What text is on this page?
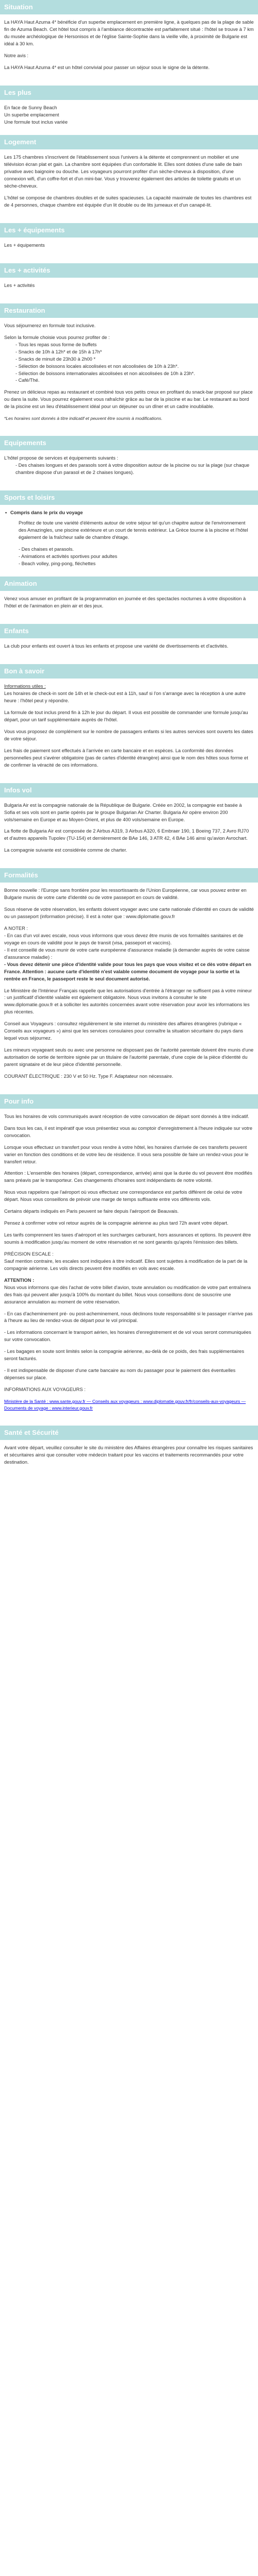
Situation

La HAYA Haut Azuma 4* bénéficie d'un superbe emplacement en première ligne, à quelques pas de la plage de sable fin de Azuma Beach. Cet hôtel tout compris à l'ambiance décontractée est parfaitement situé : l'hôtel se trouve à 7 km du musée archéologique de Hersonisos et de l'église Sainte-Sophie dans la vieille ville, à proximité de Bulgarie est idéal à 30 km.

Notre avis :

La HAYA Haut Azuma 4* est un hôtel convivial pour passer un séjour sous le signe de la détente.

Les plus
En face de Sunny Beach
Un superbe emplacement
Une formule tout inclus variée
Logement

Les 175 chambres s'inscrivent de l'établissement sous l'univers à la détente et comprennent un mobilier et une télévision écran plat et gain. La chambre sont équipées d'un confortable lit. Elles sont dotées d'une salle de bain privative avec baignoire ou douche. Les voyageurs pourront profiter d'un sèche-cheveux à disposition, d'une connexion wifi, d'un coffre-fort et d'un mini-bar. Vous y trouverez également des articles de toilette gratuits et un sèche-cheveux.

L'hôtel se compose de chambres doubles et de suites spacieuses. La capacité maximale de toutes les chambres est de 4 personnes, chaque chambre est équipée d'un lit double ou de lits jumeaux et d'un canapé-lit.

Les + équipements

Les + équipements

Les + activités

Les + activités

Restauration

Vous séjournerez en formule tout inclusive.

Selon la formule choisie vous pourrez profiter de :
- Tous les repas sous forme de buffets
- Snacks de 10h à 12h* et de 15h à 17h*
- Snacks de minuit de 23h30 à 2h00 *
- Sélection de boissons locales alcoolisées et non alcoolisées de 10h à 23h*.
- Sélection de boissons internationales alcoolisées et non alcoolisées de 10h à 23h*.

- Café/Thé.

Prenez un délicieux repas au restaurant et combiné tous vos petits creux en profitant du snack-bar proposé sur place ou dans la suite. Vous pourrez également vous rafraîchir grâce au bar de la piscine et au bar. Le restaurant au bord de la piscine est un lieu d'établissement idéal pour un déjeuner ou un dîner et un cadre inoubliable.

*Les horaires sont donnés à titre indicatif et peuvent être soumis à modifications.

Equipements
L'hôtel propose de services et équipements suivants :

- Des chaises longues et des parasols sont à votre disposition autour de la piscine ou sur la plage (sur chaque chambre dispose d'un parasol et de 2 chaises longues).

Sports et loisirs
• Compris dans le prix du voyage

Profitez de toute une variété d'éléments autour de votre séjour tel qu'un chapitre autour de l'environnement des Amazingles, une piscine extérieure et un court de tennis extérieur. La Grèce tourne à la piscine et l'hôtel également de la fraîcheur salle de chambre d'étage.

- Des chaises et parasols.
- Animations et activités sportives pour adultes
- Beach volley, ping-pong, fléchettes
Animation

Venez vous amuser en profitant de la programmation en journée et des spectacles nocturnes à votre disposition à l'hôtel et de l'animation en plein air et des jeux.

Enfants

La club pour enfants est ouvert à tous les enfants et propose une variété de divertissements et d'activités.

Bon à savoir
Informations utiles :

Les horaires de check-in sont de 14h et le check-out est à 11h, sauf si l'on s'arrange avec la réception à une autre heure : l'hôtel peut y répondre.

La formule de tout inclus prend fin à 12h le jour du départ. Il vous est possible de commander une formule jusqu'au départ, pour un tarif supplémentaire auprès de l'hôtel.

Vous vous proposez de complément sur le nombre de passagers enfants si les autres services sont ouverts les dates de votre séjour.

Les frais de paiement sont effectués à l'arrivée en carte bancaire et en espèces. La conformité des données personnelles peut s'avérer obligatoire (pas de cartes d'identité étrangère) ainsi que le nom des hôtes sous forme et de confirmer la véracité de ces informations.

Infos vol

Bulgaria Air est la compagnie nationale de la République de Bulgarie. Créée en 2002, la compagnie est basée à Sofia et ses vols sont en partie opérés par le groupe Bulgarian Air Charter. Bulgaria Air opère environ 200 vols/semaine en Europe et au Moyen-Orient, et plus de 400 vols/semaine en Europe.

La flotte de Bulgaria Air est composée de 2 Airbus A319, 3 Airbus A320, 6 Embraer 190, 1 Boeing 737, 2 Avro RJ70 et d'autres appareils Tupolev (TU-154) et dernièrement de BAe 146, 3 ATR 42, 4 BAe 146 ainsi qu'avion Avrochart.

La compagnie suivante est considérée comme de charter.

Formalités

Bonne nouvelle : l'Europe sans frontière pour les ressortissants de l'Union Européenne, car vous pouvez entrer en Bulgarie munis de votre carte d'identité ou de votre passeport en cours de validité.

Sous réserve de votre réservation, les enfants doivent voyager avec une carte nationale d'identité en cours de validité ou un passeport (information précise). Il est à noter que : www.diplomatie.gouv.fr

A NOTER :
- En cas d'un vol avec escale, nous vous informons que vous devez être munis de vos formalités sanitaires et de voyage en cours de validité pour le pays de transit (visa, passeport et vaccins).
- Il est conseillé de vous munir de votre carte européenne d'assurance maladie (à demander auprès de votre caisse d'assurance maladie) :

- Vous devez détenir une pièce d'identité valide pour tous les pays que vous visitez et ce dès votre départ en France. Attention : aucune carte d'identité n'est valable comme document de voyage pour la sortie et la rentrée en France, le passeport reste le seul document autorisé.

Le Ministère de l'Intérieur Français rappelle que les autorisations d'entrée à l'étranger ne suffisent pas à votre mineur : un justificatif d'identité valable est également obligatoire. Nous vous invitons à consulter le site www.diplomatie.gouv.fr et à solliciter les autorités concernées avant votre réservation pour avoir les informations les plus récentes.

Conseil aux Voyageurs : consultez régulièrement le site internet du ministère des affaires étrangères (rubrique « Conseils aux voyageurs ») ainsi que les services consulaires pour connaître la situation sécuritaire du pays dans lequel vous séjournez.

Les mineurs voyageant seuls ou avec une personne ne disposant pas de l'autorité parentale doivent être munis d'une autorisation de sortie de territoire signée par un titulaire de l'autorité parentale, d'une copie de la pièce d'identité du parent signataire et de leur pièce d'identité personnelle.

COURANT ÉLECTRIQUE : 230 V et 50 Hz. Type F. Adaptateur non nécessaire.

Pour info

Tous les horaires de vols communiqués avant réception de votre convocation de départ sont donnés à titre indicatif.

Dans tous les cas, il est impératif que vous présentiez vous au comptoir d'enregistrement à l'heure indiquée sur votre convocation.

Lorsque vous effectuez un transfert pour vous rendre à votre hôtel, les horaires d'arrivée de ces transferts peuvent varier en fonction des conditions et de votre lieu de résidence. Il vous sera possible de faire un rendez-vous pour le transfert retour.

Attention : L'ensemble des horaires (départ, correspondance, arrivée) ainsi que la durée du vol peuvent être modifiés sans préavis par le transporteur. Ces changements d'horaires sont indépendants de notre volonté.

Nous vous rappelons que l'aéroport où vous effectuez une correspondance est parfois différent de celui de votre départ. Nous vous conseillons de prévoir une marge de temps suffisante entre vos différents vols.

Certains départs indiqués en Paris peuvent se faire depuis l'aéroport de Beauvais.

Pensez à confirmer votre vol retour auprès de la compagnie aérienne au plus tard 72h avant votre départ.

Les tarifs comprennent les taxes d'aéroport et les surcharges carburant, hors assurances et options. Ils peuvent être soumis à modification jusqu'au moment de votre réservation et ne sont garantis qu'après l'émission des billets.

PRÉCISION ESCALE :

Sauf mention contraire, les escales sont indiquées à titre indicatif. Elles sont sujettes à modification de la part de la compagnie aérienne. Les vols directs peuvent être modifiés en vols avec escale.

ATTENTION :

Nous vous informons que dès l'achat de votre billet d'avion, toute annulation ou modification de votre part entraînera des frais qui peuvent aller jusqu'à 100% du montant du billet. Nous vous conseillons donc de souscrire une assurance annulation au moment de votre réservation.

- En cas d'acheminement pré- ou post-acheminement, nous déclinons toute responsabilité si le passager n'arrive pas à l'heure au lieu de rendez-vous de départ pour le vol principal.

- Les informations concernant le transport aérien, les horaires d'enregistrement et de vol vous seront communiquées sur votre convocation.

- Les bagages en soute sont limités selon la compagnie aérienne, au-delà de ce poids, des frais supplémentaires seront facturés.

- Il est indispensable de disposer d'une carte bancaire au nom du passager pour le paiement des éventuelles dépenses sur place.

INFORMATIONS AUX VOYAGEURS :

Ministère de la Santé : www.sante.gouv.fr — Conseils aux voyageurs : www.diplomatie.gouv.fr/fr/conseils-aux-voyageurs — Documents de voyage : www.interieur.gouv.fr

Santé et Sécurité

Avant votre départ, veuillez consulter le site du ministère des Affaires étrangères pour connaître les risques sanitaires et sécuritaires ainsi que consulter votre médecin traitant pour les vaccins et traitements recommandés pour votre destination.
